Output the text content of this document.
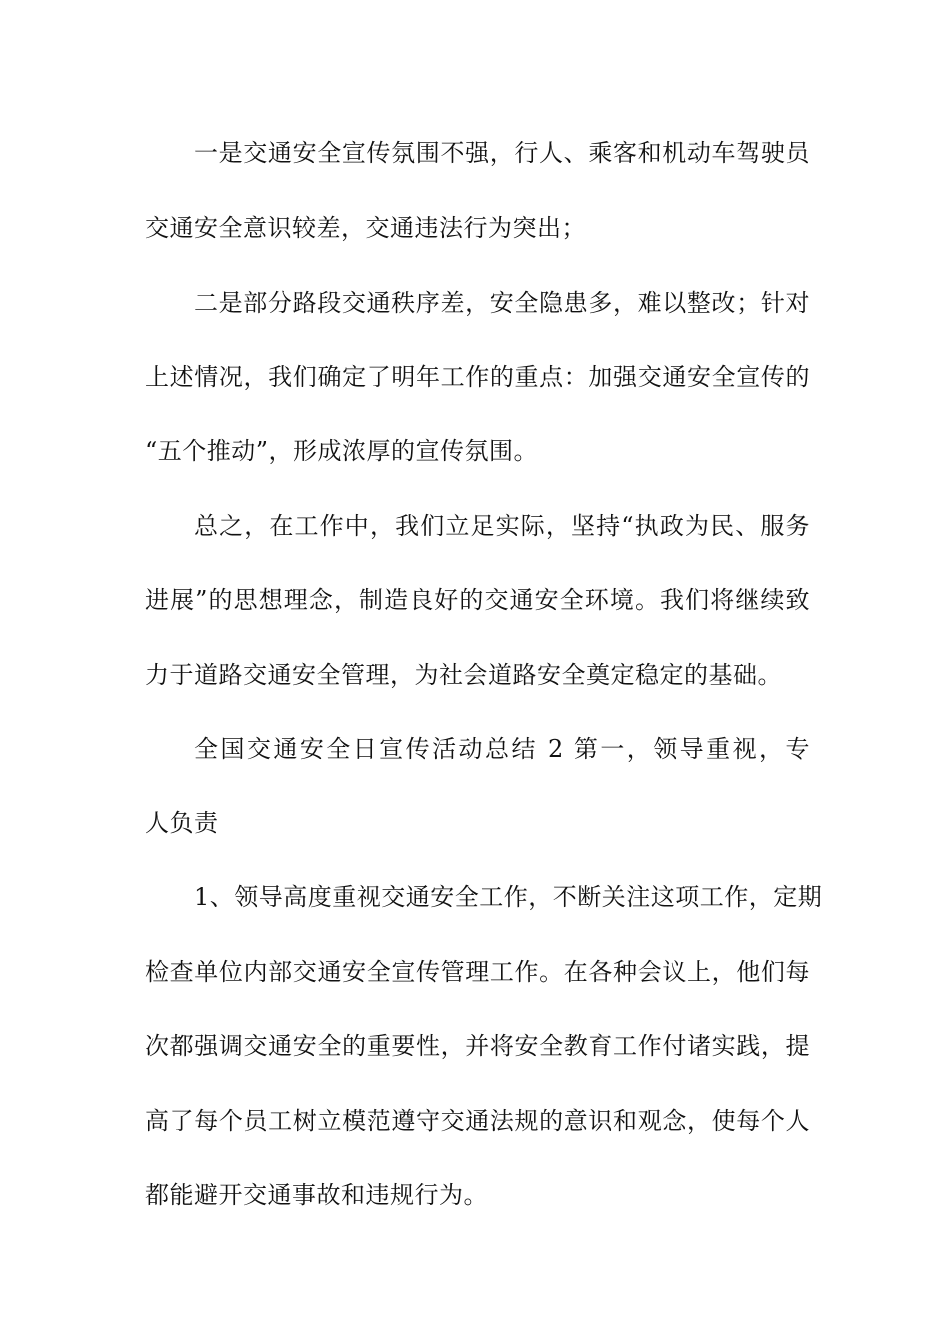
一是交通安全宣传氛围不强，行人、乘客和机动车驾驶员
交通安全意识较差，交通违法行为突出；
二是部分路段交通秩序差，安全隐患多，难以整改；针对
上述情况，我们确定了明年工作的重点：加强交通安全宣传的
“五个推动”，形成浓厚的宣传氛围。
总之，在工作中，我们立足实际，坚持“执政为民、服务
进展”的思想理念，制造良好的交通安全环境。我们将继续致
力于道路交通安全管理，为社会道路安全奠定稳定的基础。
全国交通安全日宣传活动总结 2 第一，领导重视，专
人负责
1、领导高度重视交通安全工作，不断关注这项工作，定期
检查单位内部交通安全宣传管理工作。在各种会议上，他们每
次都强调交通安全的重要性，并将安全教育工作付诸实践，提
高了每个员工树立模范遵守交通法规的意识和观念，使每个人
都能避开交通事故和违规行为。
